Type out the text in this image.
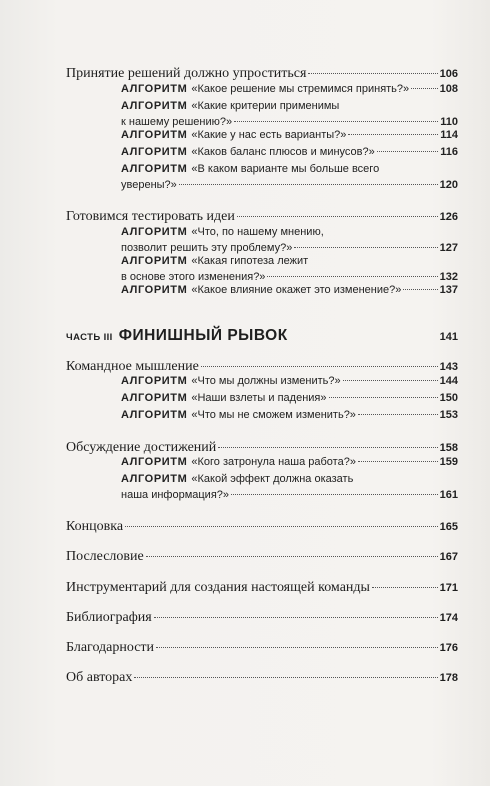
Принятие решений должно упроститься	106
АЛГОРИТМ «Какое решение мы стремимся принять?»	108
АЛГОРИТМ «Какие критерии применимы
к нашему решению?»	110
АЛГОРИТМ «Какие у нас есть варианты?»	114
АЛГОРИТМ «Каков баланс плюсов и минусов?»	116
АЛГОРИТМ «В каком варианте мы больше всего
уверены?»	120
Готовимся тестировать идеи	126
АЛГОРИТМ «Что, по нашему мнению,
позволит решить эту проблему?»	127
АЛГОРИТМ «Какая гипотеза лежит
в основе этого изменения?»	132
АЛГОРИТМ «Какое влияние окажет это изменение?»	137
ЧАСТЬ III ФИНИШНЫЙ РЫВОК	141
Командное мышление	143
АЛГОРИТМ «Что мы должны изменить?»	144
АЛГОРИТМ «Наши взлеты и падения»	150
АЛГОРИТМ «Что мы не сможем изменить?»	153
Обсуждение достижений	158
АЛГОРИТМ «Кого затронула наша работа?»	159
АЛГОРИТМ «Какой эффект должна оказать
наша информация?»	161
Концовка	165
Послесловие	167
Инструментарий для создания настоящей команды	171
Библиография	174
Благодарности	176
Об авторах	178
